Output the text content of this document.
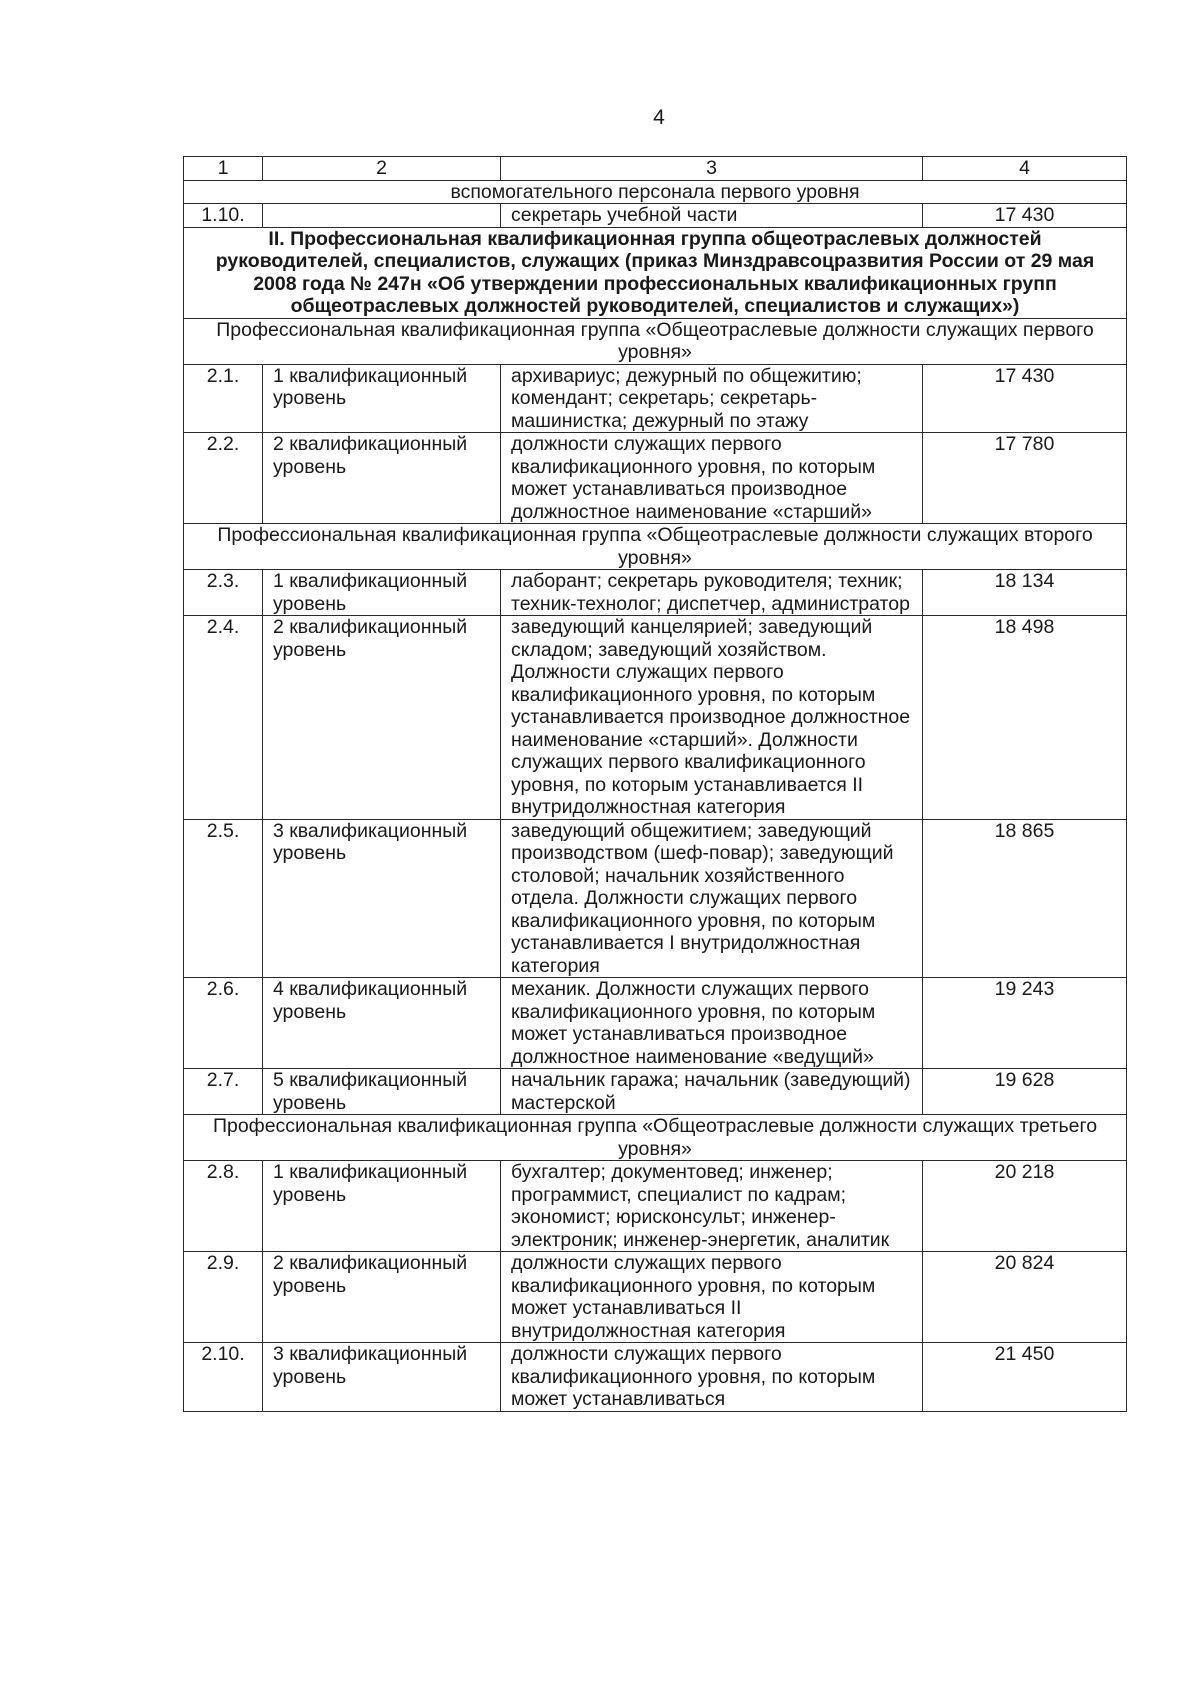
4
1	2	3	4
вспомогательного персонала первого уровня			
1.10.		секретарь учебной части	17 430
II. Профессиональная квалификационная группа общеотраслевых должностей руководителей, специалистов, служащих (приказ Минздравсоцразвития России от 29 мая 2008 года № 247н «Об утверждении профессиональных квалификационных групп общеотраслевых должностей руководителей, специалистов и служащих»)			
Профессиональная квалификационная группа «Общеотраслевые должности служащих первого уровня»			
2.1.	1 квалификационный уровень	архивариус; дежурный по общежитию; комендант; секретарь; секретарь-машинистка; дежурный по этажу	17 430
2.2.	2 квалификационный уровень	должности служащих первого квалификационного уровня, по которым может устанавливаться производное должностное наименование «старший»	17 780
Профессиональная квалификационная группа «Общеотраслевые должности служащих второго уровня»			
2.3.	1 квалификационный уровень	лаборант; секретарь руководителя; техник; техник-технолог; диспетчер, администратор	18 134
2.4.	2 квалификационный уровень	заведующий канцелярией; заведующий складом; заведующий хозяйством. Должности служащих первого квалификационного уровня, по которым устанавливается производное должностное наименование «старший». Должности служащих первого квалификационного уровня, по которым устанавливается II внутридолжностная категория	18 498
2.5.	3 квалификационный уровень	заведующий общежитием; заведующий производством (шеф-повар); заведующий столовой; начальник хозяйственного отдела. Должности служащих первого квалификационного уровня, по которым устанавливается I внутридолжностная категория	18 865
2.6.	4 квалификационный уровень	механик. Должности служащих первого квалификационного уровня, по которым может устанавливаться производное должностное наименование «ведущий»	19 243
2.7.	5 квалификационный уровень	начальник гаража; начальник (заведующий) мастерской	19 628
Профессиональная квалификационная группа «Общеотраслевые должности служащих третьего уровня»			
2.8.	1 квалификационный уровень	бухгалтер; документовед; инженер; программист, специалист по кадрам; экономист; юрисконсульт; инженер-электроник; инженер-энергетик, аналитик	20 218
2.9.	2 квалификационный уровень	должности служащих первого квалификационного уровня, по которым может устанавливаться II внутридолжностная категория	20 824
2.10.	3 квалификационный уровень	должности служащих первого квалификационного уровня, по которым может устанавливаться	21 450
